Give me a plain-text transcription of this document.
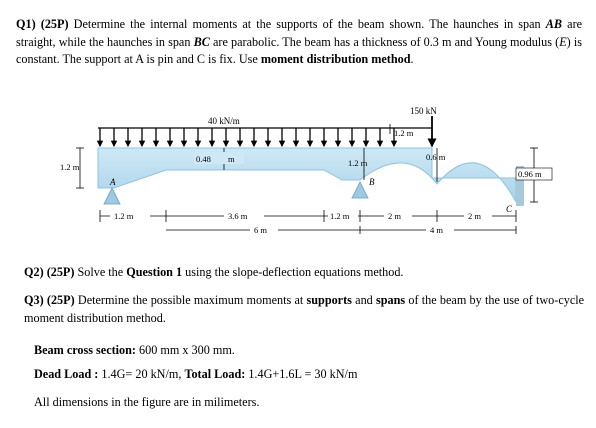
Q1) (25P) Determine the internal moments at the supports of the beam shown. The haunches in span AB are straight, while the haunches in span BC are parabolic. The beam has a thickness of 0.3 m and Young modulus (E) is constant. The support at A is pin and C is fix. Use moment distribution method.
40 kN/m
150 kN
1.2 m
1.2 m
0.48 m	1.2 m
0.6 m
0.96 m
A	B
C
1.2 m	3.6 m	1.2 m	2 m	2 m
6 m	4 m
Q2) (25P) Solve the Question 1 using the slope-deflection equations method.
Q3) (25P) Determine the possible maximum moments at supports and spans of the beam by the use of two-cycle moment distribution method.
Beam cross section: 600 mm x 300 mm.
Dead Load : 1.4G= 20 kN/m, Total Load: 1.4G+1.6L = 30 kN/m
All dimensions in the figure are in milimeters.
